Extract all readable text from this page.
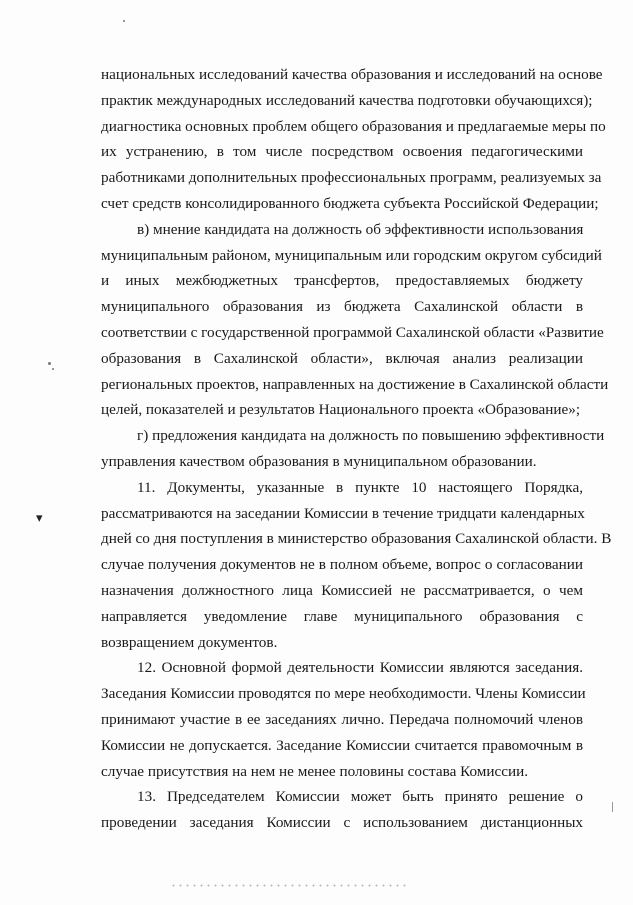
▾
национальных исследований качества образования и исследований на основе
практик международных исследований качества подготовки обучающихся);
диагностика основных проблем общего образования и предлагаемые меры по
их устранению, в том числе посредством освоения педагогическими
работниками дополнительных профессиональных программ, реализуемых за
счет средств консолидированного бюджета субъекта Российской Федерации;
в) мнение кандидата на должность об эффективности использования
муниципальным районом, муниципальным или городским округом субсидий
и иных межбюджетных трансфертов, предоставляемых бюджету
муниципального образования из бюджета Сахалинской области в
соответствии с государственной программой Сахалинской области «Развитие
образования в Сахалинской области», включая анализ реализации
региональных проектов, направленных на достижение в Сахалинской области
целей, показателей и результатов Национального проекта «Образование»;
г) предложения кандидата на должность по повышению эффективности
управления качеством образования в муниципальном образовании.
11. Документы, указанные в пункте 10 настоящего Порядка,
рассматриваются на заседании Комиссии в течение тридцати календарных
дней со дня поступления в министерство образования Сахалинской области. В
случае получения документов не в полном объеме, вопрос о согласовании
назначения должностного лица Комиссией не рассматривается, о чем
направляется уведомление главе муниципального образования с
возвращением документов.
12. Основной формой деятельности Комиссии являются заседания.
Заседания Комиссии проводятся по мере необходимости. Члены Комиссии
принимают участие в ее заседаниях лично. Передача полномочий членов
Комиссии не допускается. Заседание Комиссии считается правомочным в
случае присутствия на нем не менее половины состава Комиссии.
13. Председателем Комиссии может быть принято решение о
проведении заседания Комиссии с использованием дистанционных
